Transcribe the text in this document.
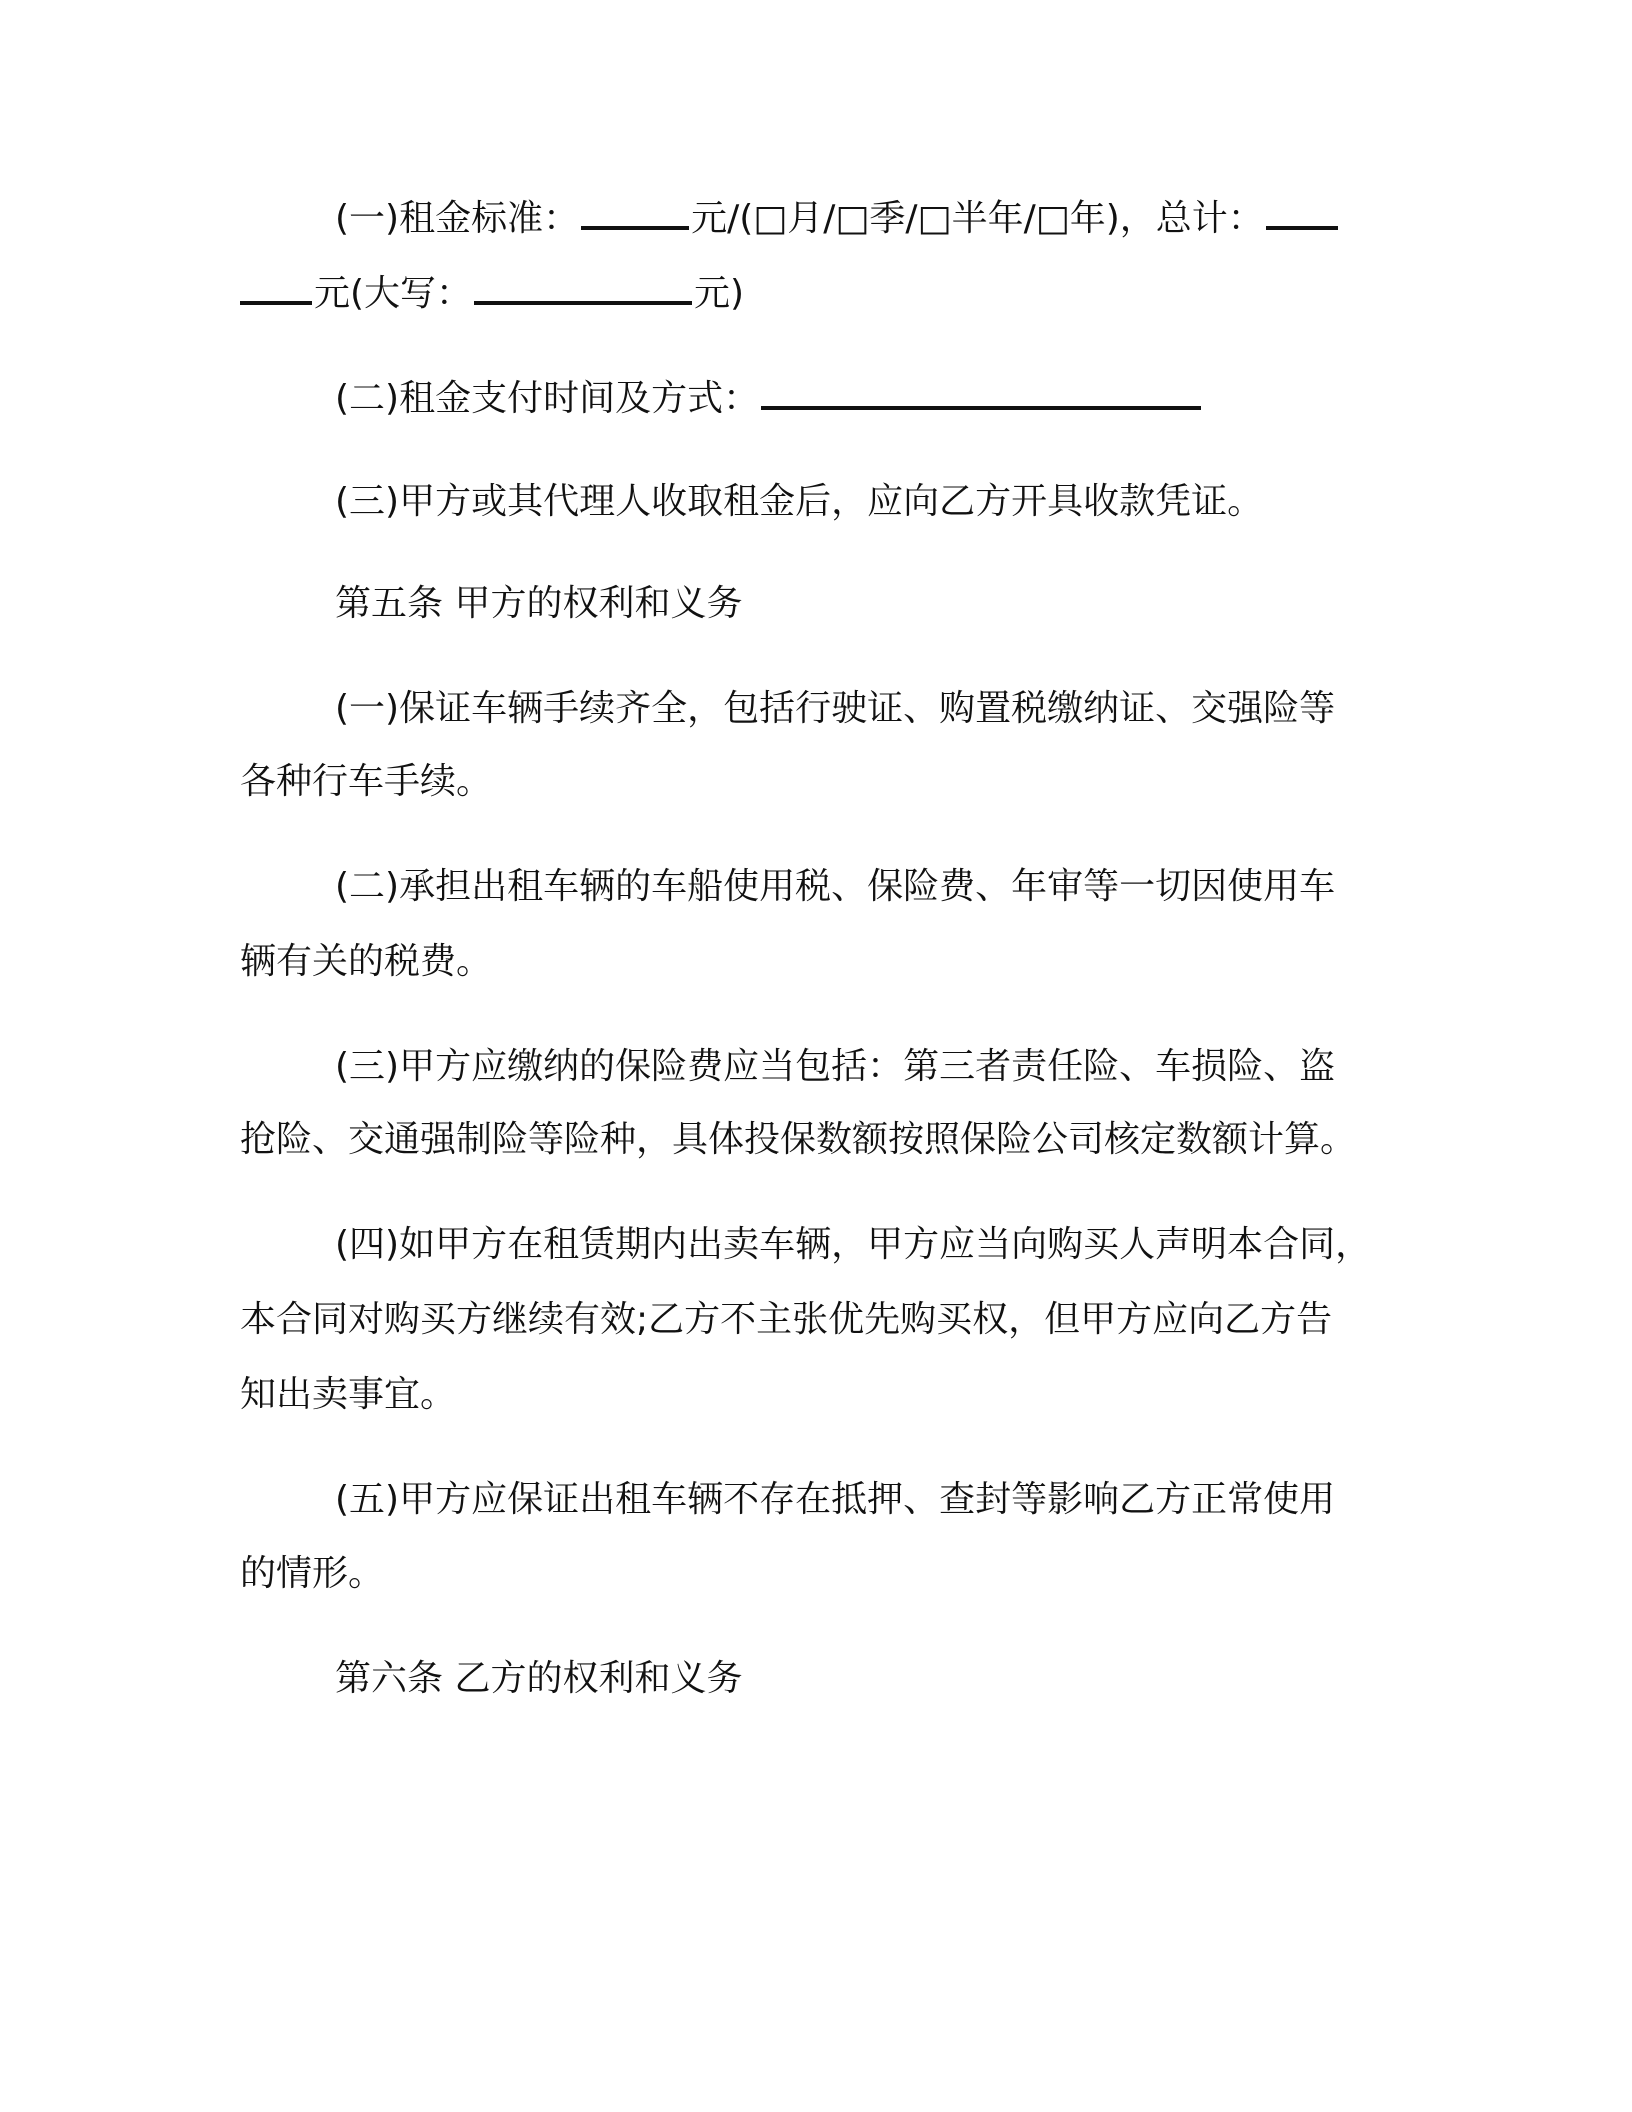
(一)租金标准：	元/(□月/□季/□半年/□年)，总计：
元(大写：	元)
(二)租金支付时间及方式：
(三)甲方或其代理人收取租金后，应向乙方开具收款凭证。
第五条 甲方的权利和义务
(一)保证车辆手续齐全，包括行驶证、购置税缴纳证、交强险等
各种行车手续。
(二)承担出租车辆的车船使用税、保险费、年审等一切因使用车
辆有关的税费。
(三)甲方应缴纳的保险费应当包括：第三者责任险、车损险、盗
抢险、交通强制险等险种，具体投保数额按照保险公司核定数额计算。
(四)如甲方在租赁期内出卖车辆，甲方应当向购买人声明本合同，
本合同对购买方继续有效;乙方不主张优先购买权，但甲方应向乙方告
知出卖事宜。
(五)甲方应保证出租车辆不存在抵押、查封等影响乙方正常使用
的情形。
第六条 乙方的权利和义务
